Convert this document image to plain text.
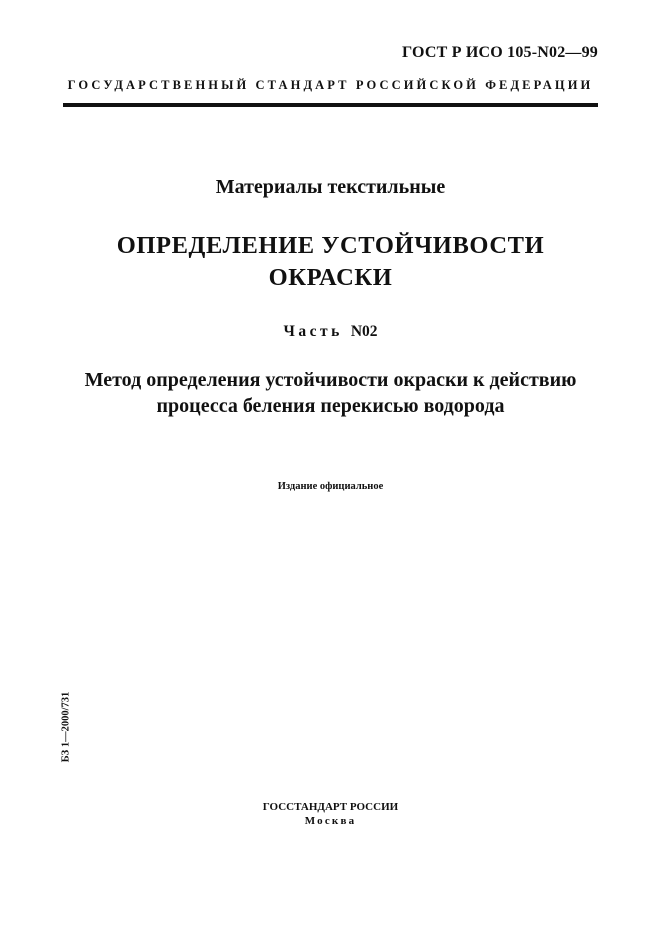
ГОСТ Р ИСО 105-N02—99
ГОСУДАРСТВЕННЫЙ СТАНДАРТ РОССИЙСКОЙ ФЕДЕРАЦИИ
Материалы текстильные
ОПРЕДЕЛЕНИЕ УСТОЙЧИВОСТИ
ОКРАСКИ
Часть N02
Метод определения устойчивости окраски к действию
процесса беления перекисью водорода
Издание официальное
БЗ 1—2000/731
ГОССТАНДАРТ РОССИИ
Москва
